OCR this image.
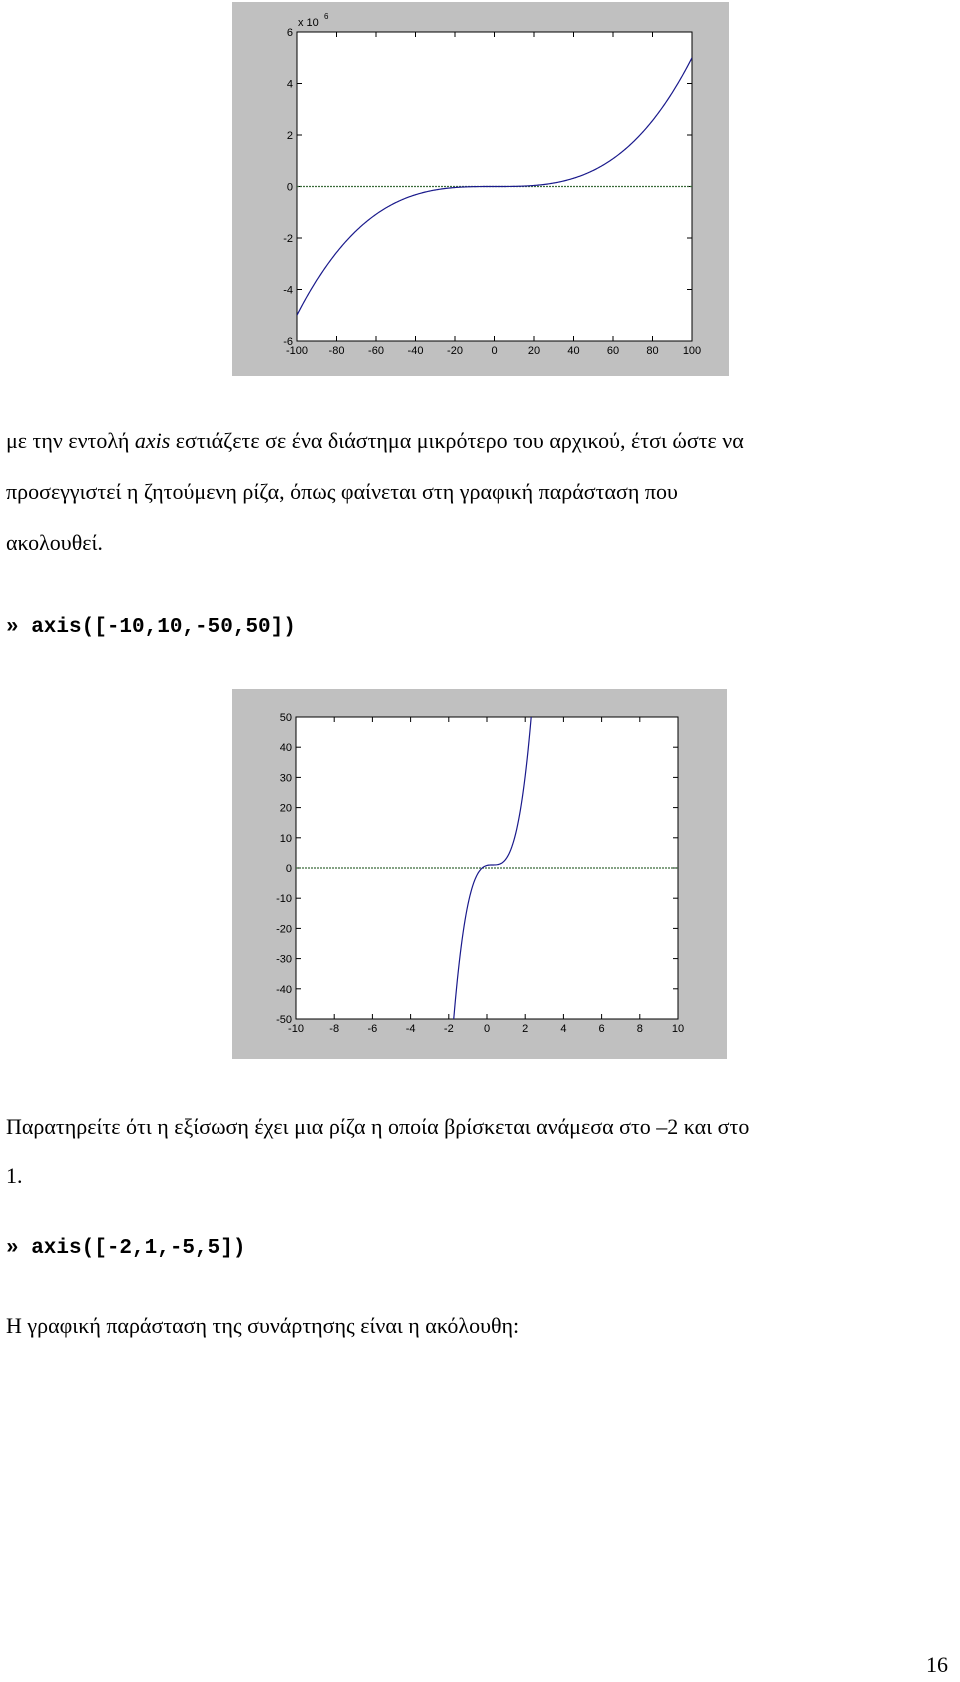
-100 -80 -60 -40 -20	0	20 40 60 80 100
6
4
2
0
-2
-4
-6
x 10
6
με την εντολή axis εστιάζετε σε ένα διάστημα μικρότερο του αρχικού, έτσι ώστε να
προσεγγιστεί η ζητούμενη ρίζα, όπως φαίνεται στη γραφική παράσταση που
ακολουθεί.
» axis([-10,10,-50,50])
-10 -8	-6	-4	-2	0	2	4	6	8	10
50
40
30
20
10
0
-10
-20
-30
-40
-50
Παρατηρείτε ότι η εξίσωση έχει μια ρίζα η οποία βρίσκεται ανάμεσα στο –2 και στο
1.
» axis([-2,1,-5,5])
Η γραφική παράσταση της συνάρτησης είναι η ακόλουθη:
16
